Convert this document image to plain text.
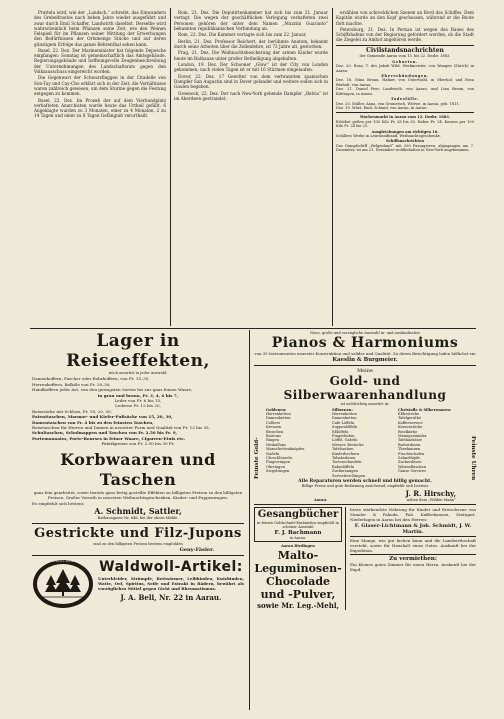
Prattelu wird, wie der „Landsch.“ schreibt, das Einwandern des Grebelfrautes nach heben Jahre wieder ausgeführt und zwar durch Emil Schaffer, Landwirth daselbst. Derselbe wird wahrscheinlich beim Pflanzen seine Zeit, wie den Weinen Felspieß für im Pflanzen seiner Mittlung der Erwerbungen den Bedürfnissen der Ortsmenge Stücke und auf deren günstigem Erfolge das ganze Rehrenthal sehen kann.

Basel, 22. Dez. Der Marineminister hat folgende Depesche empfangen: Sonntag ist gemeinschaftlich das Amtsgebäude, Regierungsgebäude und hoffnungsvolle Zeugenbeschreibung der Unternehmungen des Landschaftsrats gegen den Volksausschuss eingereicht worden.

Die Gegenwart der Schwarzflaggen in der Citadelle von Son-Tay und Cay-Cho erklärt sich in der Zeit; die Verhältnisse waren zahlreich gewesen, um dem Sturme gegen die Festung entgegen zu kommen.

Basel, 22. Dez. Im Prozeß der auf dem Vierbundplatz verhafteten Anarchisten wurde heute das Urtheil gefällt. 6 Angeklagte wurden zu 3 Monaten, einer zu 4 Monaten, 2 zu 14 Tagen und einer zu 8 Tagen Gefängniß verurtheilt.

Rom, 21. Dez. Die Deputirtenkammer hat sich bis zum 21. Januar vertagt. Die wegen der geschäftlichen Verlegung verhafteten zwei Personen gehören der unter dem Namen „Muzzini Guaranto“ bekannten republikanischen Verbindung an.

Rom, 22. Dez. Die Kammer vertagte sich bis zum 22. Januar.

Berlin, 21. Dez. Professor Reichert, der berühmte Anatom, bekannt durch seine Arbeiten über die Zellenlehre, ist 72 Jahre alt, gestorben.

Prag, 21. Dez. Die Weihnachtsbescherung der armen Kinder wurde heute im Rathause unter großer Betheiligung abgehalten.

London, 19. Dez. Der Schooner „Glow“ ist der City von London gekommen; nach vielen Tagen ist er mit 16 Stürmen eingelaufen.

Dover, 22. Dez. 17 Gewitter von dem verbrannten spanischen Dampfer San Augustin sind in Dover gelandet und weitere sollen sich in Gaulen begeben.

Greenock, 22. Dez. Der nach New-York gehende Dampfer „Belvia“ ist im Aberdeen gestrandet.

erzählen von schrecklichen Szenen an Bord des Schiffes. Dem Kapitän wurde an den Kopf geschossen, während er die Boote flott machte.

Petersburg, 21. Dez. In Pernau ist wegen des Baues des Schiffshafens von der Regierung gefordert worden, ob die Stadt die Ziegelei zu Amhof angehören werde.

Civilstandsnachrichten
der Gemeinde Aarau vom 15. bis 22. Dezbr. 1883.
Geburten.
Dez. 20. Rosa, T. des Jakob Wild, Werkmeister, von Wangen (Zürich) in Aarau.
Eheverkündungen.
Dez. 18. Mina Brunn, Hafner, von Unterwäld, in Oberhof, und Rosa Bärbalt, von Aarau.
Dez. 21. Daniel Feer, Landwirth, von Aarau, und Lina Braun, von Küttingen, in Aarau.
Todesfälle.
Dez. 20. Müller, Anna, von Grometsch, Wittwe, in Aarau, geb. 1811.
Dez. 19. Wüst, Emil, Schmid, von Aarau, in Aarau.
Wochenmarkt in Aarau vom 12. Dezbr. 1883.
Erhöhet gelten per 100 Kilo Fr. 28 bis 30. Haber Fr. 24. Kernen per 100 Kilo Fr. 24 bis 25.
Ausgleichungen am richtigen 16.
Schillers Werke in Leinwandband, Weihnachtsgeschenke.
Schiffsnachrichten
Das Dampfschiff „Belgenland“ mit 200 Passagieren, abgegangen am 7. Dezember, ist am 21. Dezember wohlbehalten in New-York angekommen.
Lager in Reiseeffekten,
reich assortirt in jeder Auswahl:
Damenkoffern, Fascher oder Rohrkoffern, von Fr. 15–35,
Herrenkoffern, Balköle von Fr. 20–30,
Handkoffern jeder Art, von den geringsten Sorten bis zur ganz feinen Waare,
in grau und braun, Fr. 3, 4, 6 bis 7,
Leder von Fr. 6 bis 15,
Lederne Fr. 12 bis 20,
Reisesäcke mit Schloss, Fr. 18, 20, 30,
Patenttaschen, Marmor- und Kiefer-Fußsäcke von 15, 20, 30,
Damentaschen von Fr. 4 bis zu den feinsten Taschen,
Reisetaschen für Herren und Damen in neuester Form und Qualität von Fr. 12 bis 35,
Schultaschen, Schulmappen und Taschen von Fr. 2.50 bis Fr. 9,
Portemonnaies, Porte-Bourses in feiner Waare, Cigarren-Etuis etc.
Fabrikpreise von Fr. 2.50 bis 30 Fr.
Korbwaaren und Taschen
ganz fein gearbeitet, sowie bereits ganz fertig gestellte Effekten zu billigsten Preisen zu den billigsten Preisen. Großer Vorrath in neuesten Weihnachtsgeschenken. Kinder- und Puppenwagen.
Es empfiehlt sich bestens
A. Schmidt, Sattler,
Rathausgasse Nr. 648, bei der obern Mühle.
Gestrickte und Filz-Jupons
sind zu den billigsten Preisen bestens empfohlen
Geny-Fäsler.
WALDWOLL-WAAREN	Waldwoll-Artikel:
Unterkleider, Strümpfe, Bettwärmer, Leibbinden, Kniebinden, Watte, Oel, Spiritus, Seife und Extrakt in Bädern, bewährt als vorzügliches Mittel gegen Gicht und Rheumatismus.
J. A. Bell, Nr. 22 in Aarau.
Neue, große und vorzügliche Auswahl in- und ausländischer
Pianos & Harmoniums
von 35 Instrumenten neuester Konstruktion und solider und Qualität. Zu deren Besichtigung laden höflichst ein
Kaeslin & Burgmeier.
Meine
Gold- und Silberwaarenhandlung
ist wohlrichtig assortirt in:
Feinste Gold-	Feinste Uhren
Goldenen:
Herrenketten
Damenketten
Colliers
Kreuzen
Broschen
Boutons
Ringen
Medaillons
Manschettenknöpfen
Nadeln
Uhrschlüsseln
Fingerringen
Ohrringen
Siegelringen
Silbernen:
Herrenketten
Damenketten
Cafe-Löffeln
Suppenlöffeln
Eßlöffeln
Fingerhüten
Löffel, Gabeln
Messer, Bestecke
Tafelsachen
Kinderbechern
Tabaksdosen
Tortenschaufeln
Rahmlöffeln
Zuckerzangen
Servietten-Ringen
Christofle & Silberwaaren:
Eßbestecke
Tafelgeräthe
Kaffeeservice
Kerzenstöcke
Brodkörbe
Menageständer
Tafelaufsätze
Butterdosen
Theekannen
Fruchtschalen
Sahneltöpfe
Zuckerdosen
Wärmeflaschen
Ganze Services
Alle Reparaturen werden schnell und billig gemacht.
Billige Preise und gute Bedienung zusichernd, empfiehlt sich bestens
J. R. Hirschy,
Aarau.	neben dem „Wilden Mann“
Gesangbücher
in feinen Goldschnitt-Einbänden empfiehlt in schöner Auswahl
F. J. Bachmann
in Aarau.
Aarau Riedingen
Malto-Leguminosen-Chocolade und -Pulver,
sowie Mr. Leg.-Mehl,
beste stärkendste Nahrung für Kinder und Erwachsene von Stauder & Pabuda, Fab. Kaffeekonoen, Stuttgart. Niederlagen in Aarau bei den Herren:
F. Glaser-Lichtmann & Joh. Schmidt, J. W. Martin.
Eine Mange, wie gut fachen kann und die Landwirthschaft versteht, sowie für Haushalt eines Gutes. Auskunft bei der Expedition.
Zu vermiethen:
Ein kleines gutes Zimmer für einen Herrn. Auskunft bei der Expd.
